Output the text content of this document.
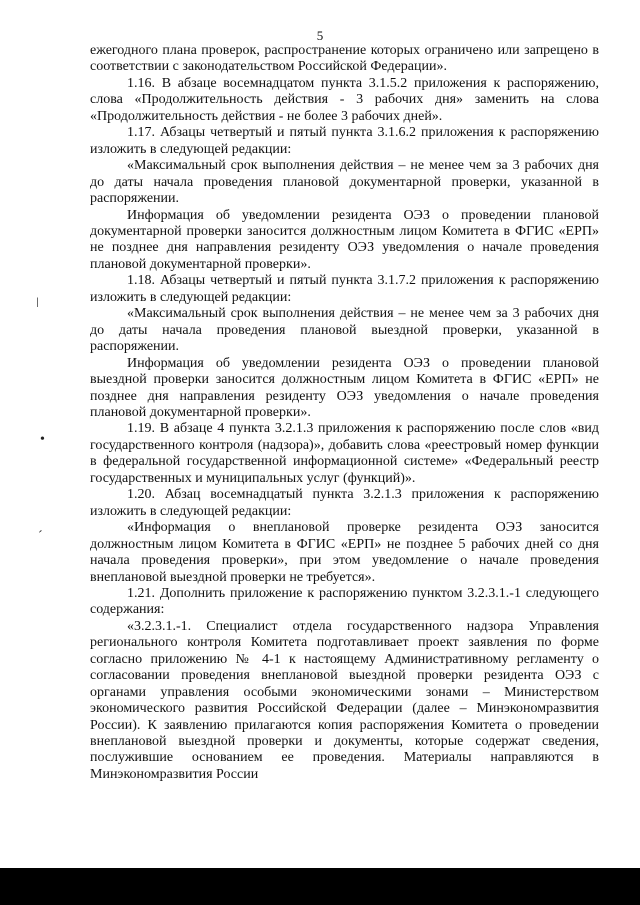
5

ежегодного плана проверок, распространение которых ограничено или запрещено в соответствии с законодательством Российской Федерации».

1.16. В абзаце восемнадцатом пункта 3.1.5.2 приложения к распоряжению, слова «Продолжительность действия - 3 рабочих дня» заменить на слова «Продолжительность действия - не более 3 рабочих дней».

1.17. Абзацы четвертый и пятый пункта 3.1.6.2 приложения к распоряжению изложить в следующей редакции:

«Максимальный срок выполнения действия – не менее чем за 3 рабочих дня до даты начала проведения плановой документарной проверки, указанной в распоряжении.

Информация об уведомлении резидента ОЭЗ о проведении плановой документарной проверки заносится должностным лицом Комитета в ФГИС «ЕРП» не позднее дня направления резиденту ОЭЗ уведомления о начале проведения плановой документарной проверки».

1.18. Абзацы четвертый и пятый пункта 3.1.7.2 приложения к распоряжению изложить в следующей редакции:

«Максимальный срок выполнения действия – не менее чем за 3 рабочих дня до даты начала проведения плановой выездной проверки, указанной в распоряжении.

Информация об уведомлении резидента ОЭЗ о проведении плановой выездной проверки заносится должностным лицом Комитета в ФГИС «ЕРП» не позднее дня направления резиденту ОЭЗ уведомления о начале проведения плановой документарной проверки».

1.19. В абзаце 4 пункта 3.2.1.3 приложения к распоряжению после слов «вид государственного контроля (надзора)», добавить слова «реестровый номер функции в федеральной государственной информационной системе» «Федеральный реестр государственных и муниципальных услуг (функций)».

1.20. Абзац восемнадцатый пункта 3.2.1.3 приложения к распоряжению изложить в следующей редакции:

«Информация о внеплановой проверке резидента ОЭЗ заносится должностным лицом Комитета в ФГИС «ЕРП» не позднее 5 рабочих дней со дня начала проведения проверки», при этом уведомление о начале проведения внеплановой выездной проверки не требуется».

1.21. Дополнить приложение к распоряжению пунктом 3.2.3.1.-1 следующего содержания:

«3.2.3.1.-1. Специалист отдела государственного надзора Управления регионального контроля Комитета подготавливает проект заявления по форме согласно приложению № 4-1 к настоящему Административному регламенту о согласовании проведения внеплановой выездной проверки резидента ОЭЗ с органами управления особыми экономическими зонами – Министерством экономического развития Российской Федерации (далее – Минэкономразвития России). К заявлению прилагаются копия распоряжения Комитета о проведении внеплановой выездной проверки и документы, которые содержат сведения, послужившие основанием ее проведения. Материалы направляются в Минэкономразвития России

ǀ
•
´
